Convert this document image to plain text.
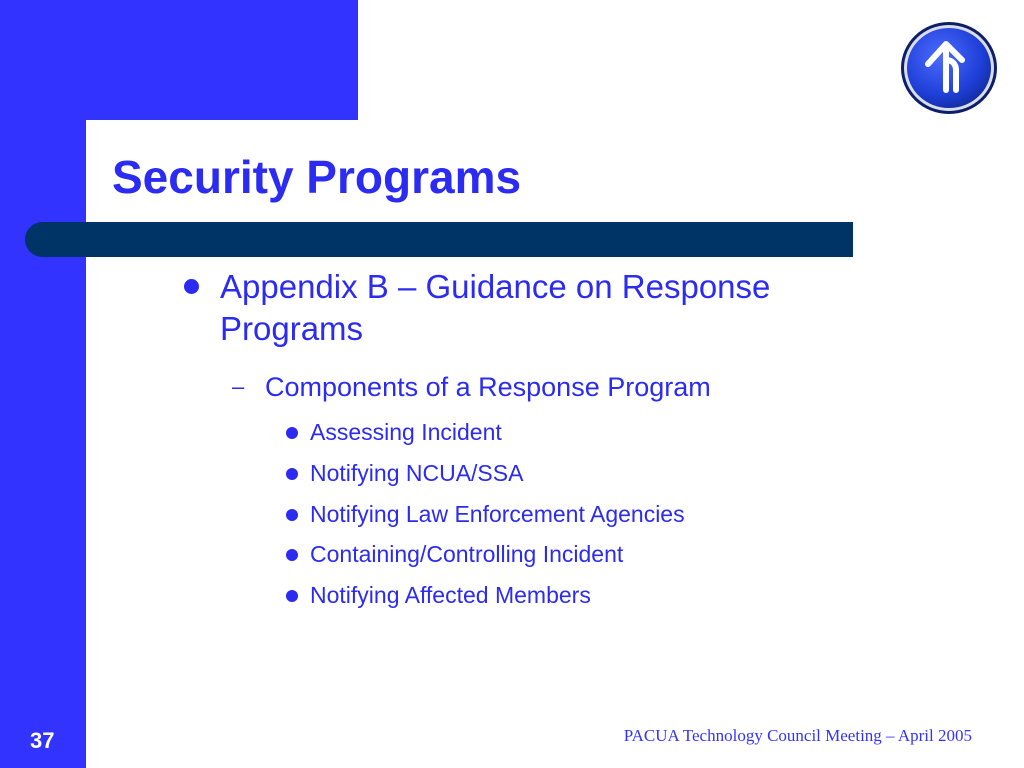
Security Programs
Appendix B – Guidance on Response Programs
– Components of a Response Program
Assessing Incident
Notifying NCUA/SSA
Notifying Law Enforcement Agencies
Containing/Controlling Incident
Notifying Affected Members
37	PACUA Technology Council Meeting – April 2005
